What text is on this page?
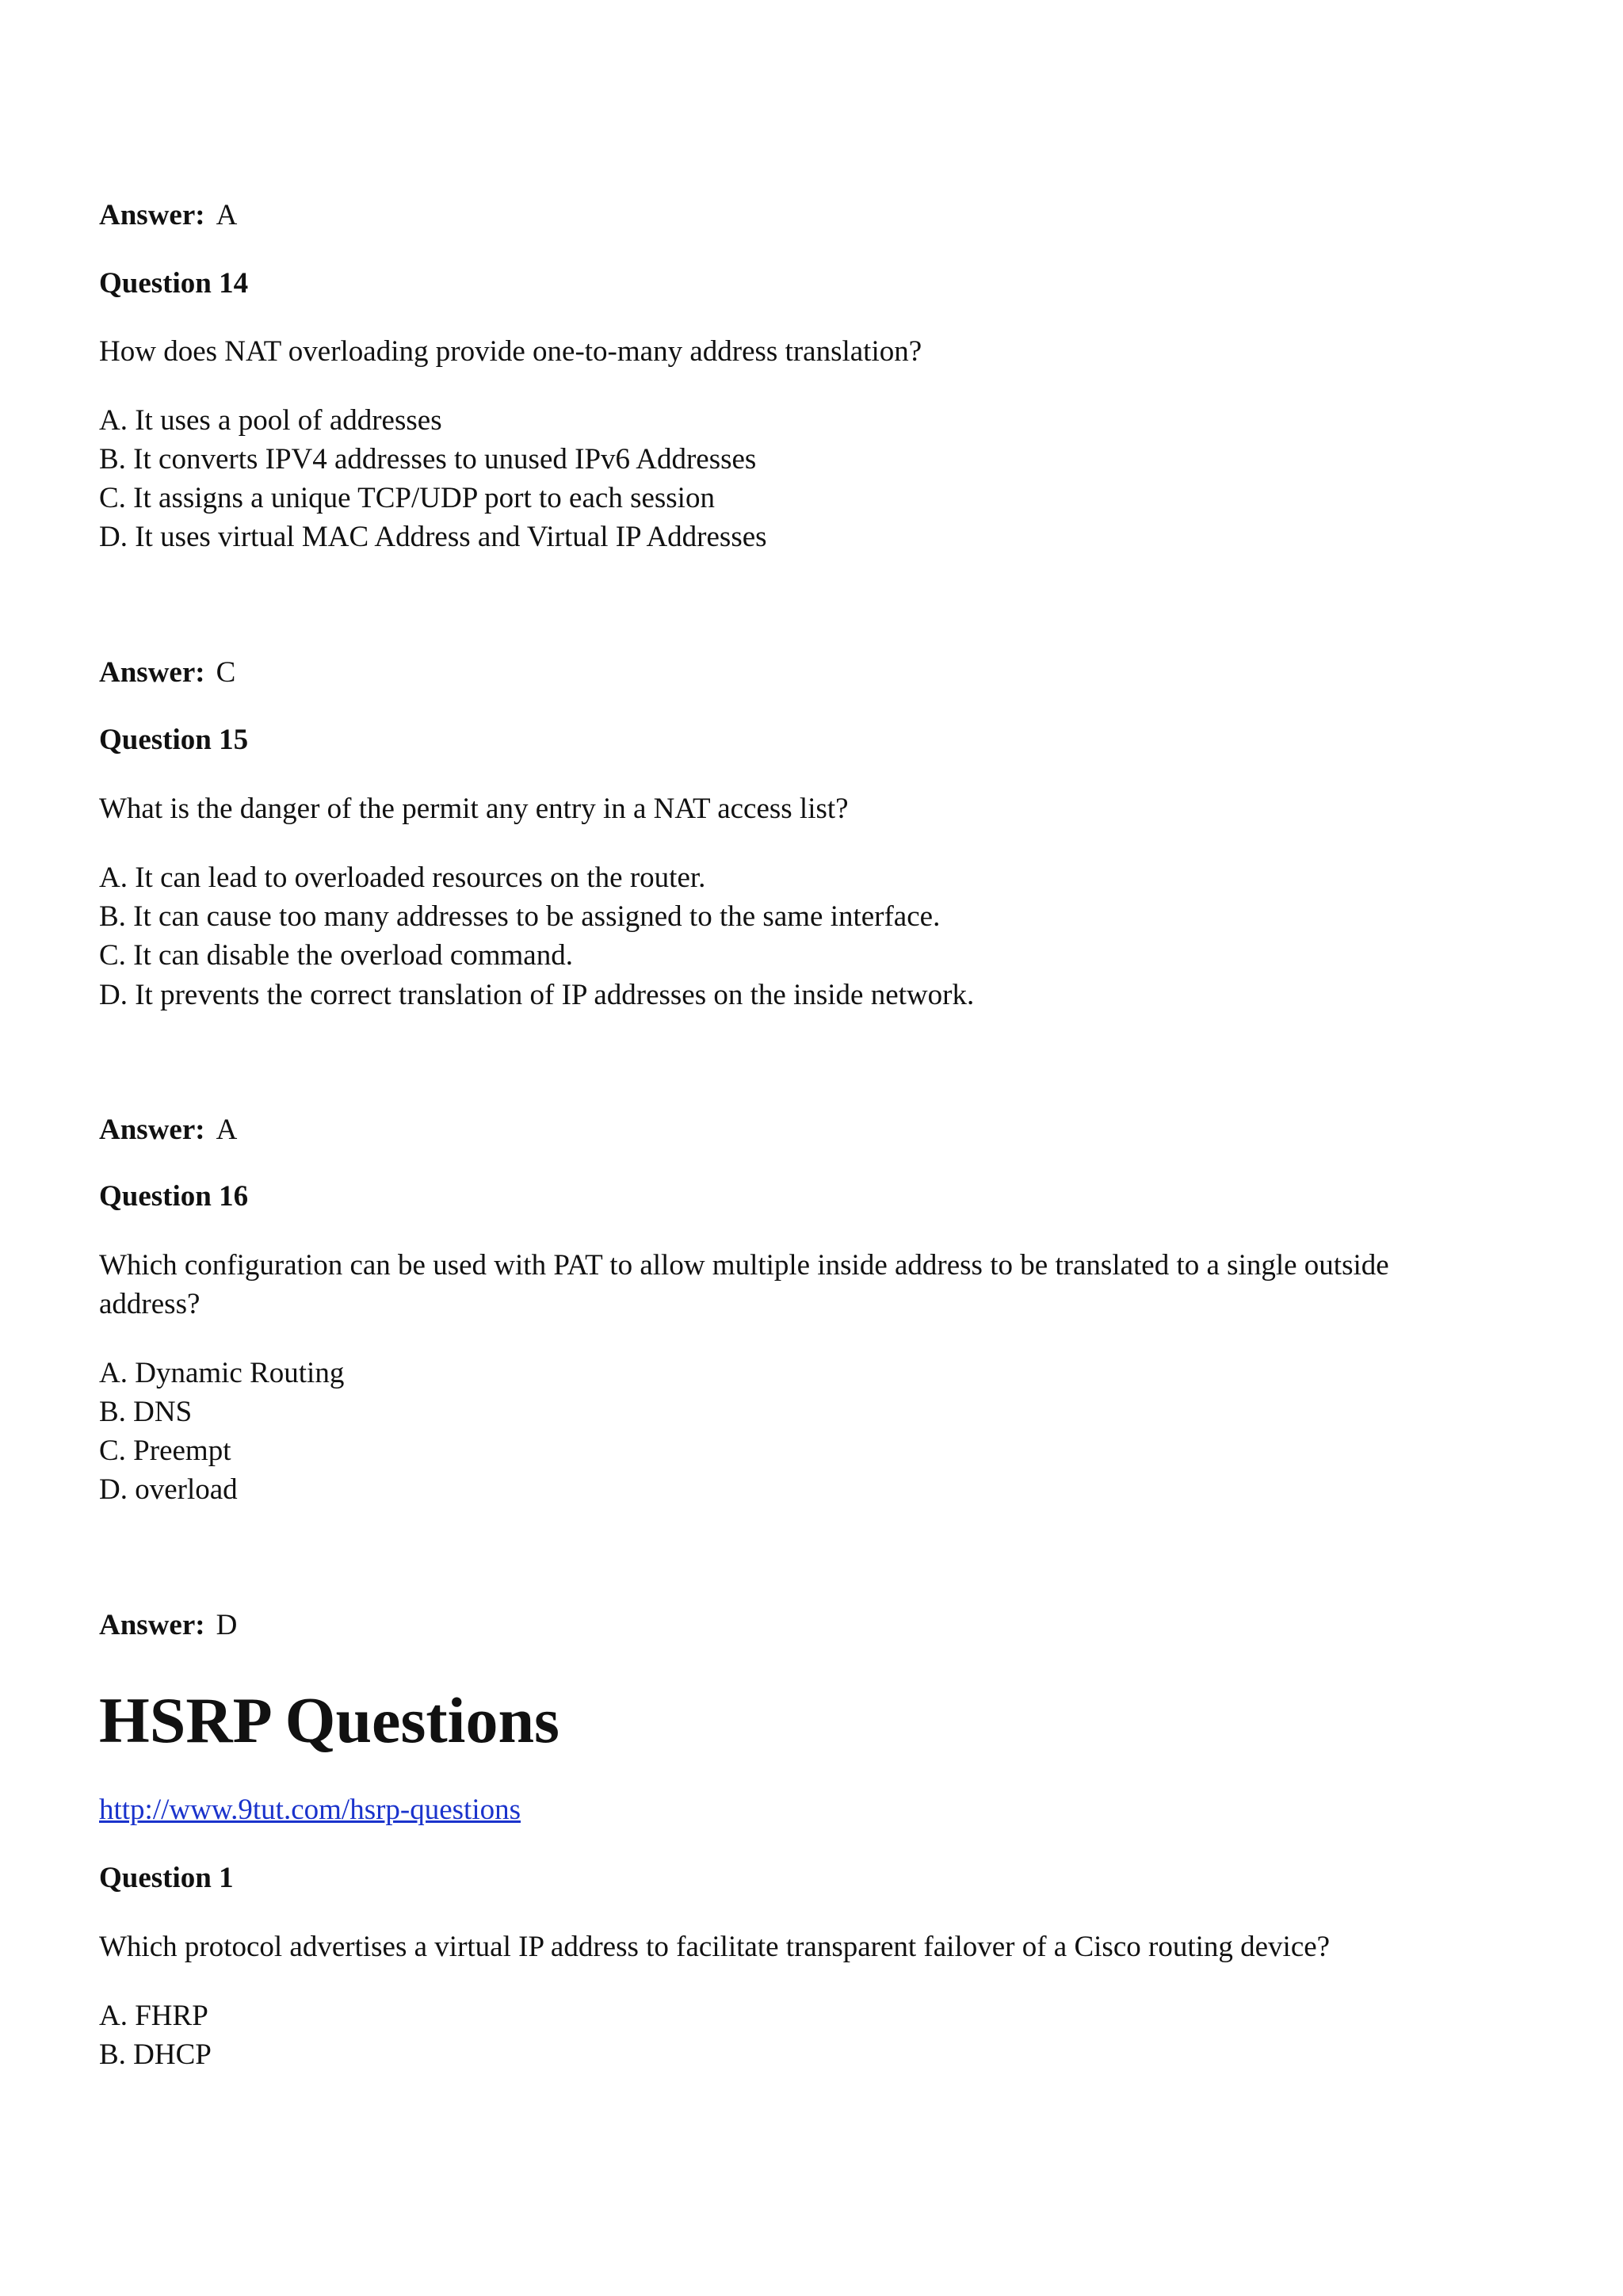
Answer: A
Question 14
How does NAT overloading provide one-to-many address translation?
A. It uses a pool of addresses
B. It converts IPV4 addresses to unused IPv6 Addresses
C. It assigns a unique TCP/UDP port to each session
D. It uses virtual MAC Address and Virtual IP Addresses
Answer: C
Question 15
What is the danger of the permit any entry in a NAT access list?
A. It can lead to overloaded resources on the router.
B. It can cause too many addresses to be assigned to the same interface.
C. It can disable the overload command.
D. It prevents the correct translation of IP addresses on the inside network.
Answer: A
Question 16
Which configuration can be used with PAT to allow multiple inside address to be translated to a single outside
address?
A. Dynamic Routing
B. DNS
C. Preempt
D. overload
Answer: D
HSRP Questions
http://www.9tut.com/hsrp-questions
Question 1
Which protocol advertises a virtual IP address to facilitate transparent failover of a Cisco routing device?
A. FHRP
B. DHCP
